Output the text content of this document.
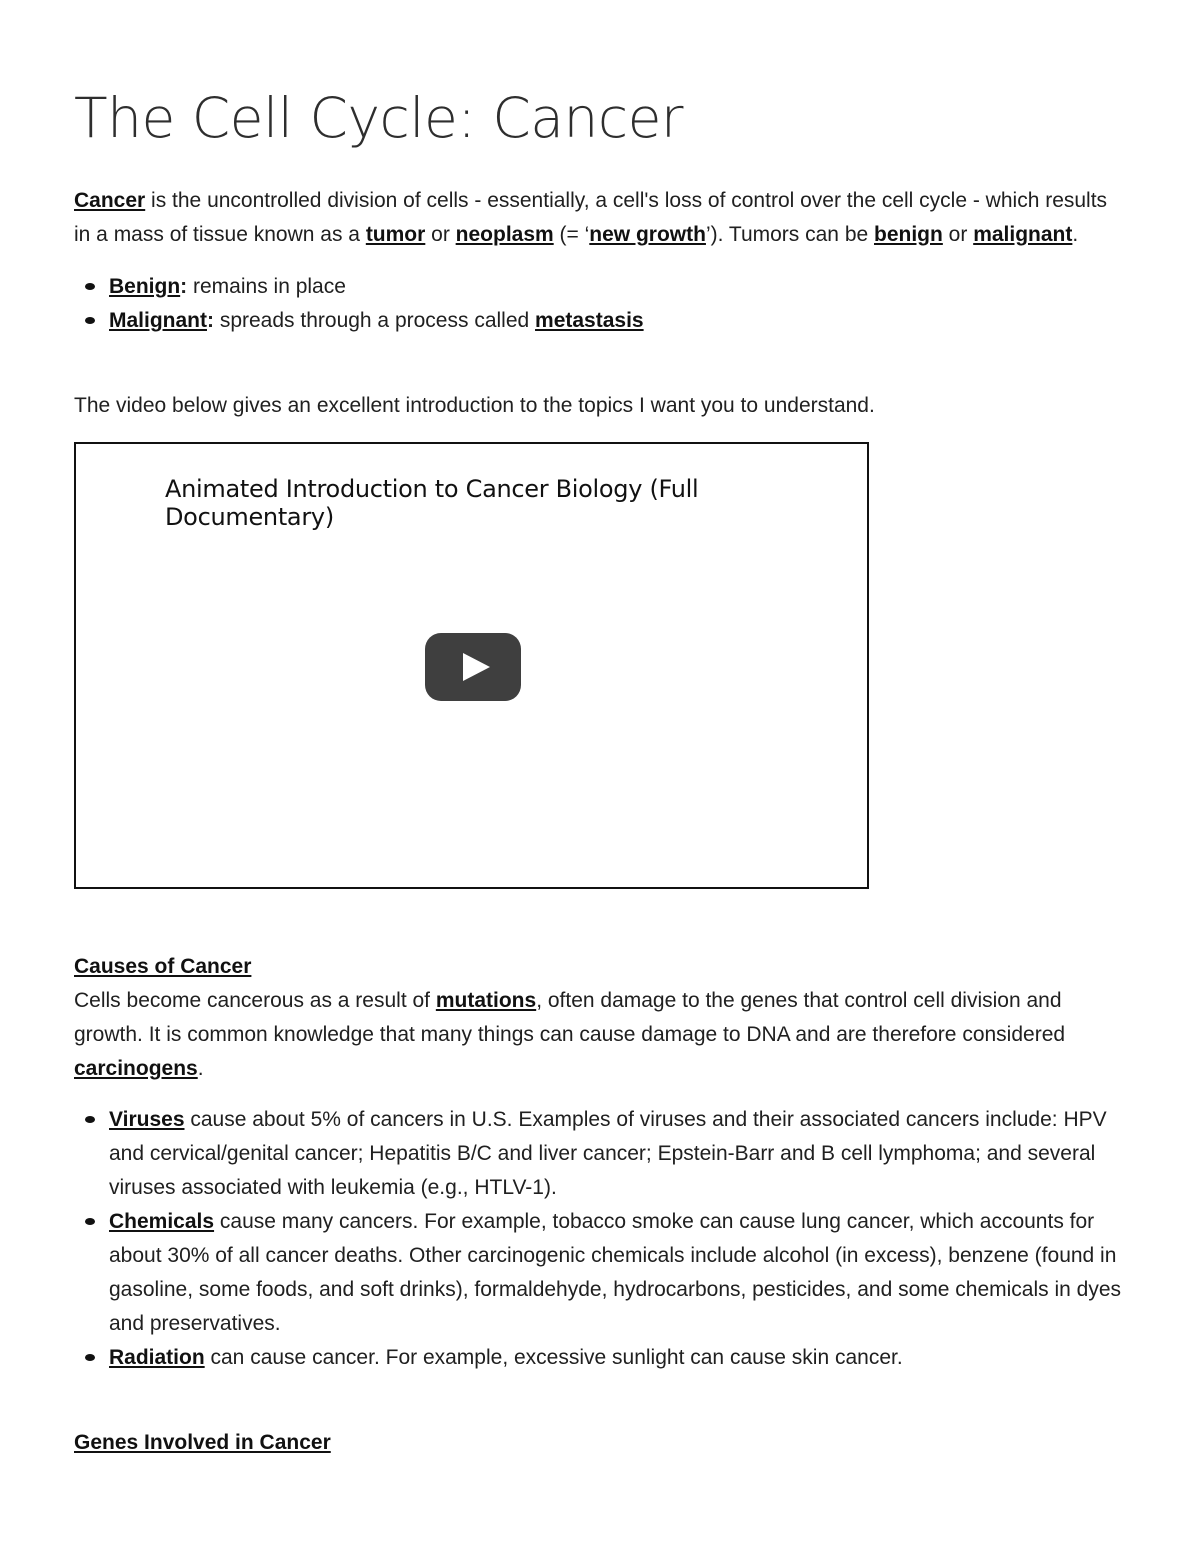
The Cell Cycle: Cancer

Cancer is the uncontrolled division of cells - essentially, a cell's loss of control over the cell cycle - which results in a mass of tissue known as a tumor or neoplasm (= ‘new growth’). Tumors can be benign or malignant.

Benign: remains in place
Malignant: spreads through a process called metastasis

The video below gives an excellent introduction to the topics I want you to understand.

Animated Introduction to Cancer Biology (Full Documentary)
Causes of Cancer

Cells become cancerous as a result of mutations, often damage to the genes that control cell division and growth. It is common knowledge that many things can cause damage to DNA and are therefore considered carcinogens.

Viruses cause about 5% of cancers in U.S. Examples of viruses and their associated cancers include: HPV and cervical/genital cancer; Hepatitis B/C and liver cancer; Epstein-Barr and B cell lymphoma; and several viruses associated with leukemia (e.g., HTLV-1).
Chemicals cause many cancers. For example, tobacco smoke can cause lung cancer, which accounts for about 30% of all cancer deaths. Other carcinogenic chemicals include alcohol (in excess), benzene (found in gasoline, some foods, and soft drinks), formaldehyde, hydrocarbons, pesticides, and some chemicals in dyes and preservatives.
Radiation can cause cancer. For example, excessive sunlight can cause skin cancer.
Genes Involved in Cancer
